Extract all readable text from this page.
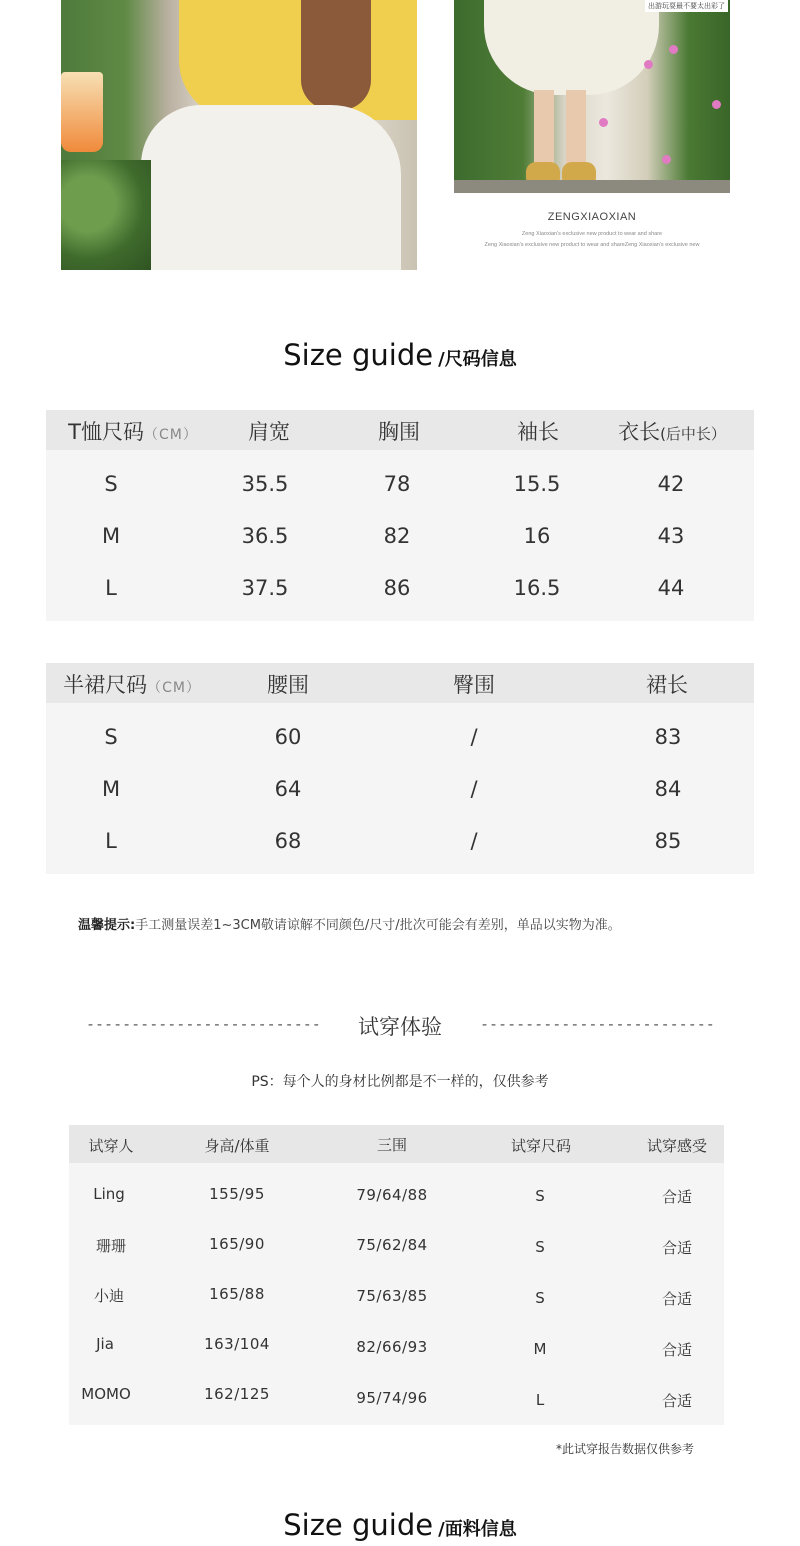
出游玩耍最不要太出彩了
ZENGXIAOXIAN
Zeng Xiaoxian's exclusive new product to wear and share
Zeng Xiaoxian's exclusive new product to wear and shareZeng Xiaoxian's exclusive new
Size guide /尺码信息
T恤尺码（CM） 肩宽	胸围	袖长	衣长(后中长）
S	35.5	78	15.5	42
M	36.5	82	16	43
L	37.5	86	16.5	44
半裙尺码（CM）	腰围	臀围	裙长
S	60	/	83
M	64	/	84
L	68	/	85
温馨提示:手工测量误差1~3CM敬请谅解不同颜色/尺寸/批次可能会有差别，单品以实物为准。
--------------------------	试穿体验	--------------------------
PS：每个人的身材比例都是不一样的，仅供参考
试穿人	身高/体重	三围	试穿尺码	试穿感受
Ling	155/95	79/64/88	S	合适
珊珊	165/90	75/62/84	S	合适
小迪	165/88	75/63/85	S	合适
Jia	163/104	82/66/93	M	合适
MOMO	162/125	95/74/96	L	合适
*此试穿报告数据仅供参考
Size guide /面料信息
